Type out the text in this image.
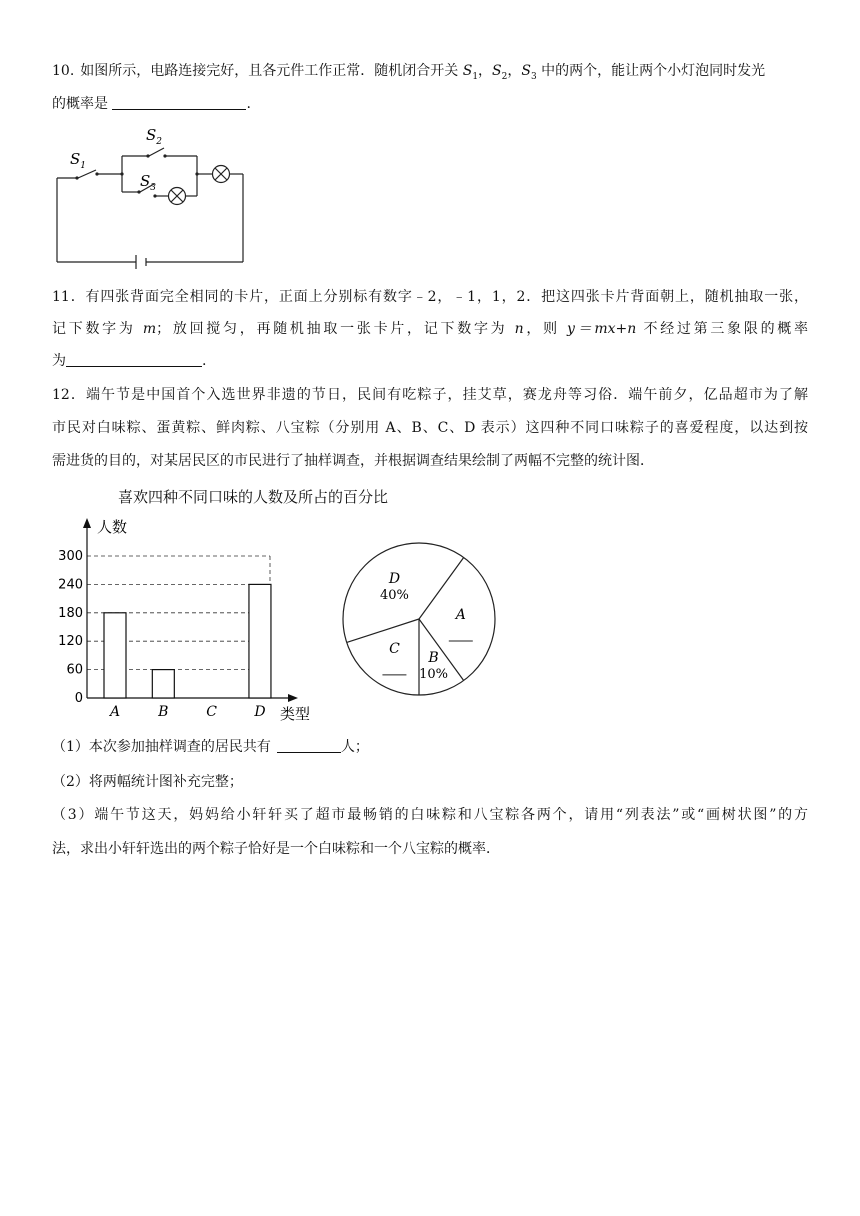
10. 如图所示，电路连接完好，且各元件工作正常．随机闭合开关 $S_1$，$S_2$，$S_3$ 中的两个，能让两个小灯泡同时发光
的概率是	.
$S_1$
$S_2$
$S_3$
11．有四张背面完全相同的卡片，正面上分别标有数字﹣2，﹣1，1，2．把这四张卡片背面朝上，随机抽取一张，
记下数字为 m；放回搅匀，再随机抽取一张卡片，记下数字为 n，则 y＝mx+n 不经过第三象限的概率
为	.
12．端午节是中国首个入选世界非遗的节日，民间有吃粽子，挂艾草，赛龙舟等习俗．端午前夕，亿品超市为了解
市民对白味粽、蛋黄粽、鲜肉粽、八宝粽（分别用 A、B、C、D 表示）这四种不同口味粽子的喜爱程度，以达到按
需进货的目的，对某居民区的市民进行了抽样调查，并根据调查结果绘制了两幅不完整的统计图．
喜欢四种不同口味的人数及所占的百分比
0
60
120
180
240
300
人数
类型
A	B	C	D
D
40%
A
B
10%
C
（1）本次参加抽样调查的居民共有	人；
（2）将两幅统计图补充完整；
（3）端午节这天，妈妈给小轩轩买了超市最畅销的白味粽和八宝粽各两个，请用“列表法”或“画树状图”的方
法，求出小轩轩选出的两个粽子恰好是一个白味粽和一个八宝粽的概率．
